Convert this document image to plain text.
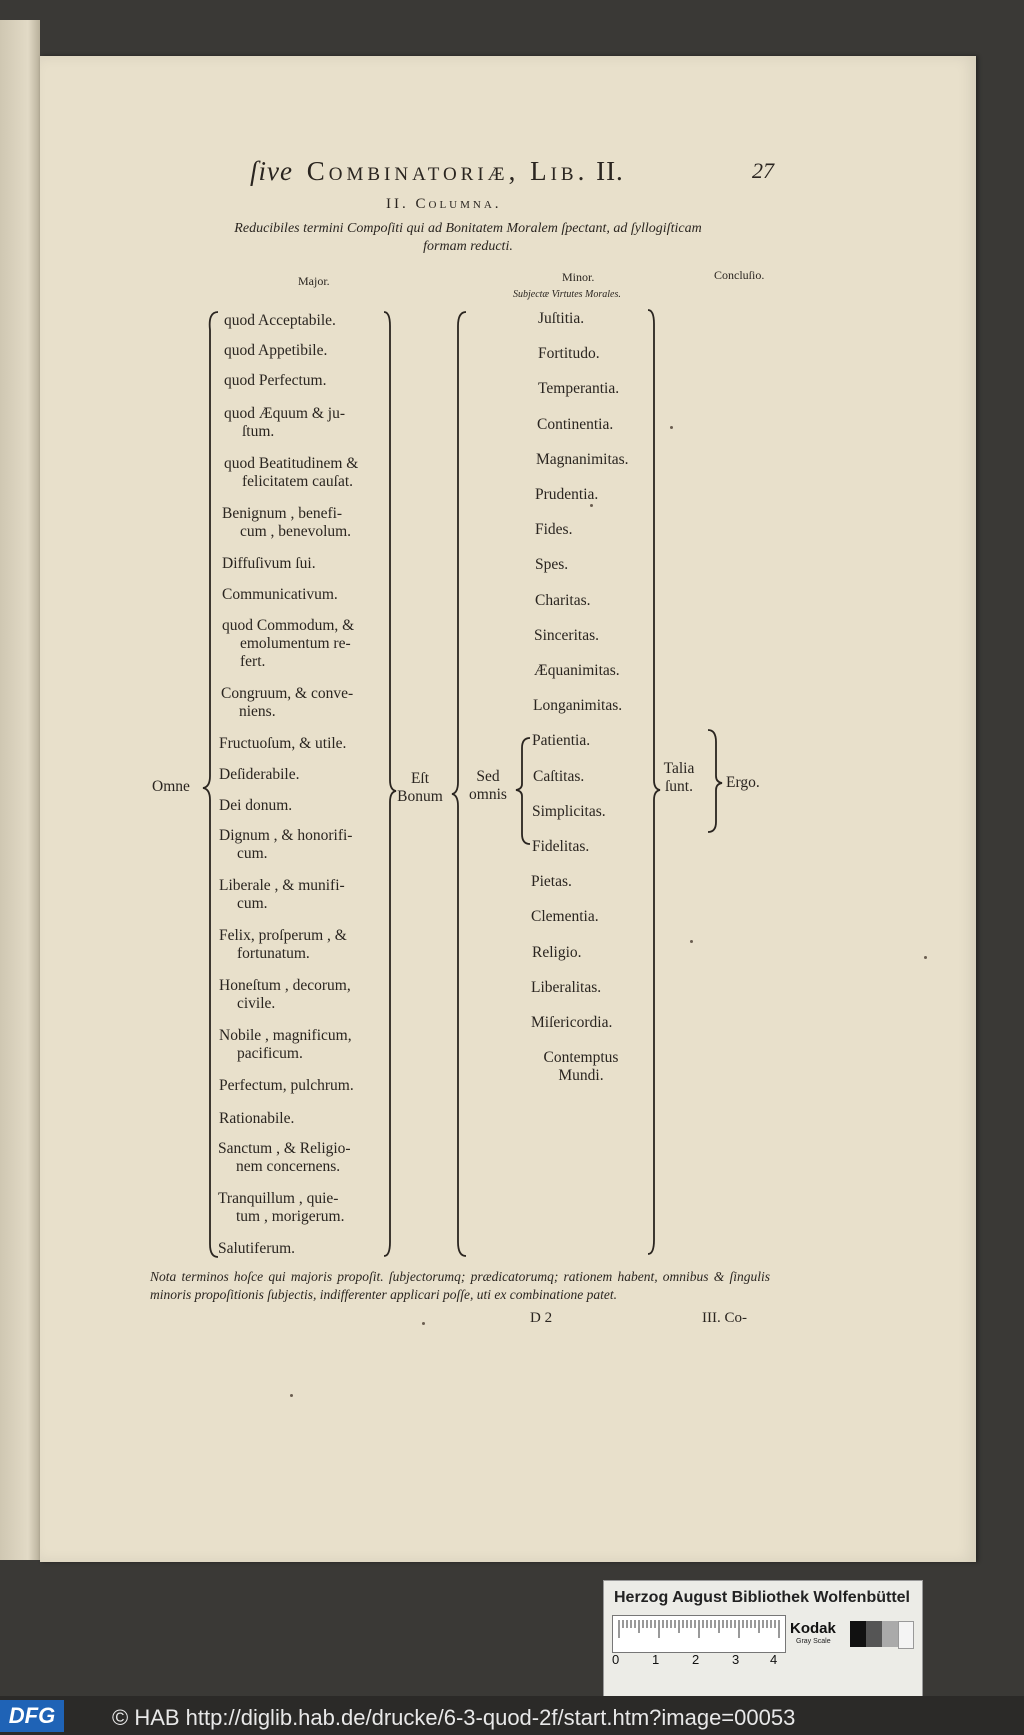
ſive Combinatoriæ, Lib. II.	27
II. Columna.
Reducibiles termini Compoſiti qui ad Bonitatem Moralem ſpectant, ad ſyllogiſticam formam reducti.
Major.	Minor.
Subjectæ Virtutes Morales.
Concluſio.
quod Acceptabile.
quod Appetibile.
quod Perfectum.
quod Æquum & ju-
ſtum.
quod Beatitudinem &
felicitatem cauſat.
Benignum , benefi-
cum , benevolum.
Diffuſivum ſui.
Communicativum.
quod Commodum, &
emolumentum re-
fert.
Congruum, & conve-
niens.
Fructuoſum, & utile.
Deſiderabile.
Dei donum.
Dignum , & honorifi-
cum.
Liberale , & munifi-
cum.
Felix, proſperum , &
fortunatum.
Honeſtum , decorum,
civile.
Nobile , magnificum,
pacificum.
Perfectum, pulchrum.
Rationabile.
Sanctum , & Religio-
nem concernens.
Tranquillum , quie-
tum , morigerum.
Salutiferum.
Juſtitia.
Fortitudo.
Temperantia.
Continentia.
Magnanimitas.
Prudentia.
Fides.
Spes.
Charitas.
Sinceritas.
Æquanimitas.
Longanimitas.
Patientia.
Caſtitas.
Simplicitas.
Fidelitas.
Pietas.
Clementia.
Religio.
Liberalitas.
Miſericordia.
Contemptus Mundi.
Omne	Eſt
Bonum
Sed
omnis
Talia
ſunt.	Ergo.
Nota terminos hoſce qui majoris propoſit. ſubjectorumq; prædicatorumq; rationem habent, omnibus & ſingulis minoris propoſitionis ſubjectis, indifferenter applicari poſſe, uti ex combinatione patet.
D 2	III. Co-
Herzog August Bibliothek Wolfenbüttel
0	1	2	3 4
Kodak
Gray Scale
DFG	© HAB http://diglib.hab.de/drucke/6-3-quod-2f/start.htm?image=00053
